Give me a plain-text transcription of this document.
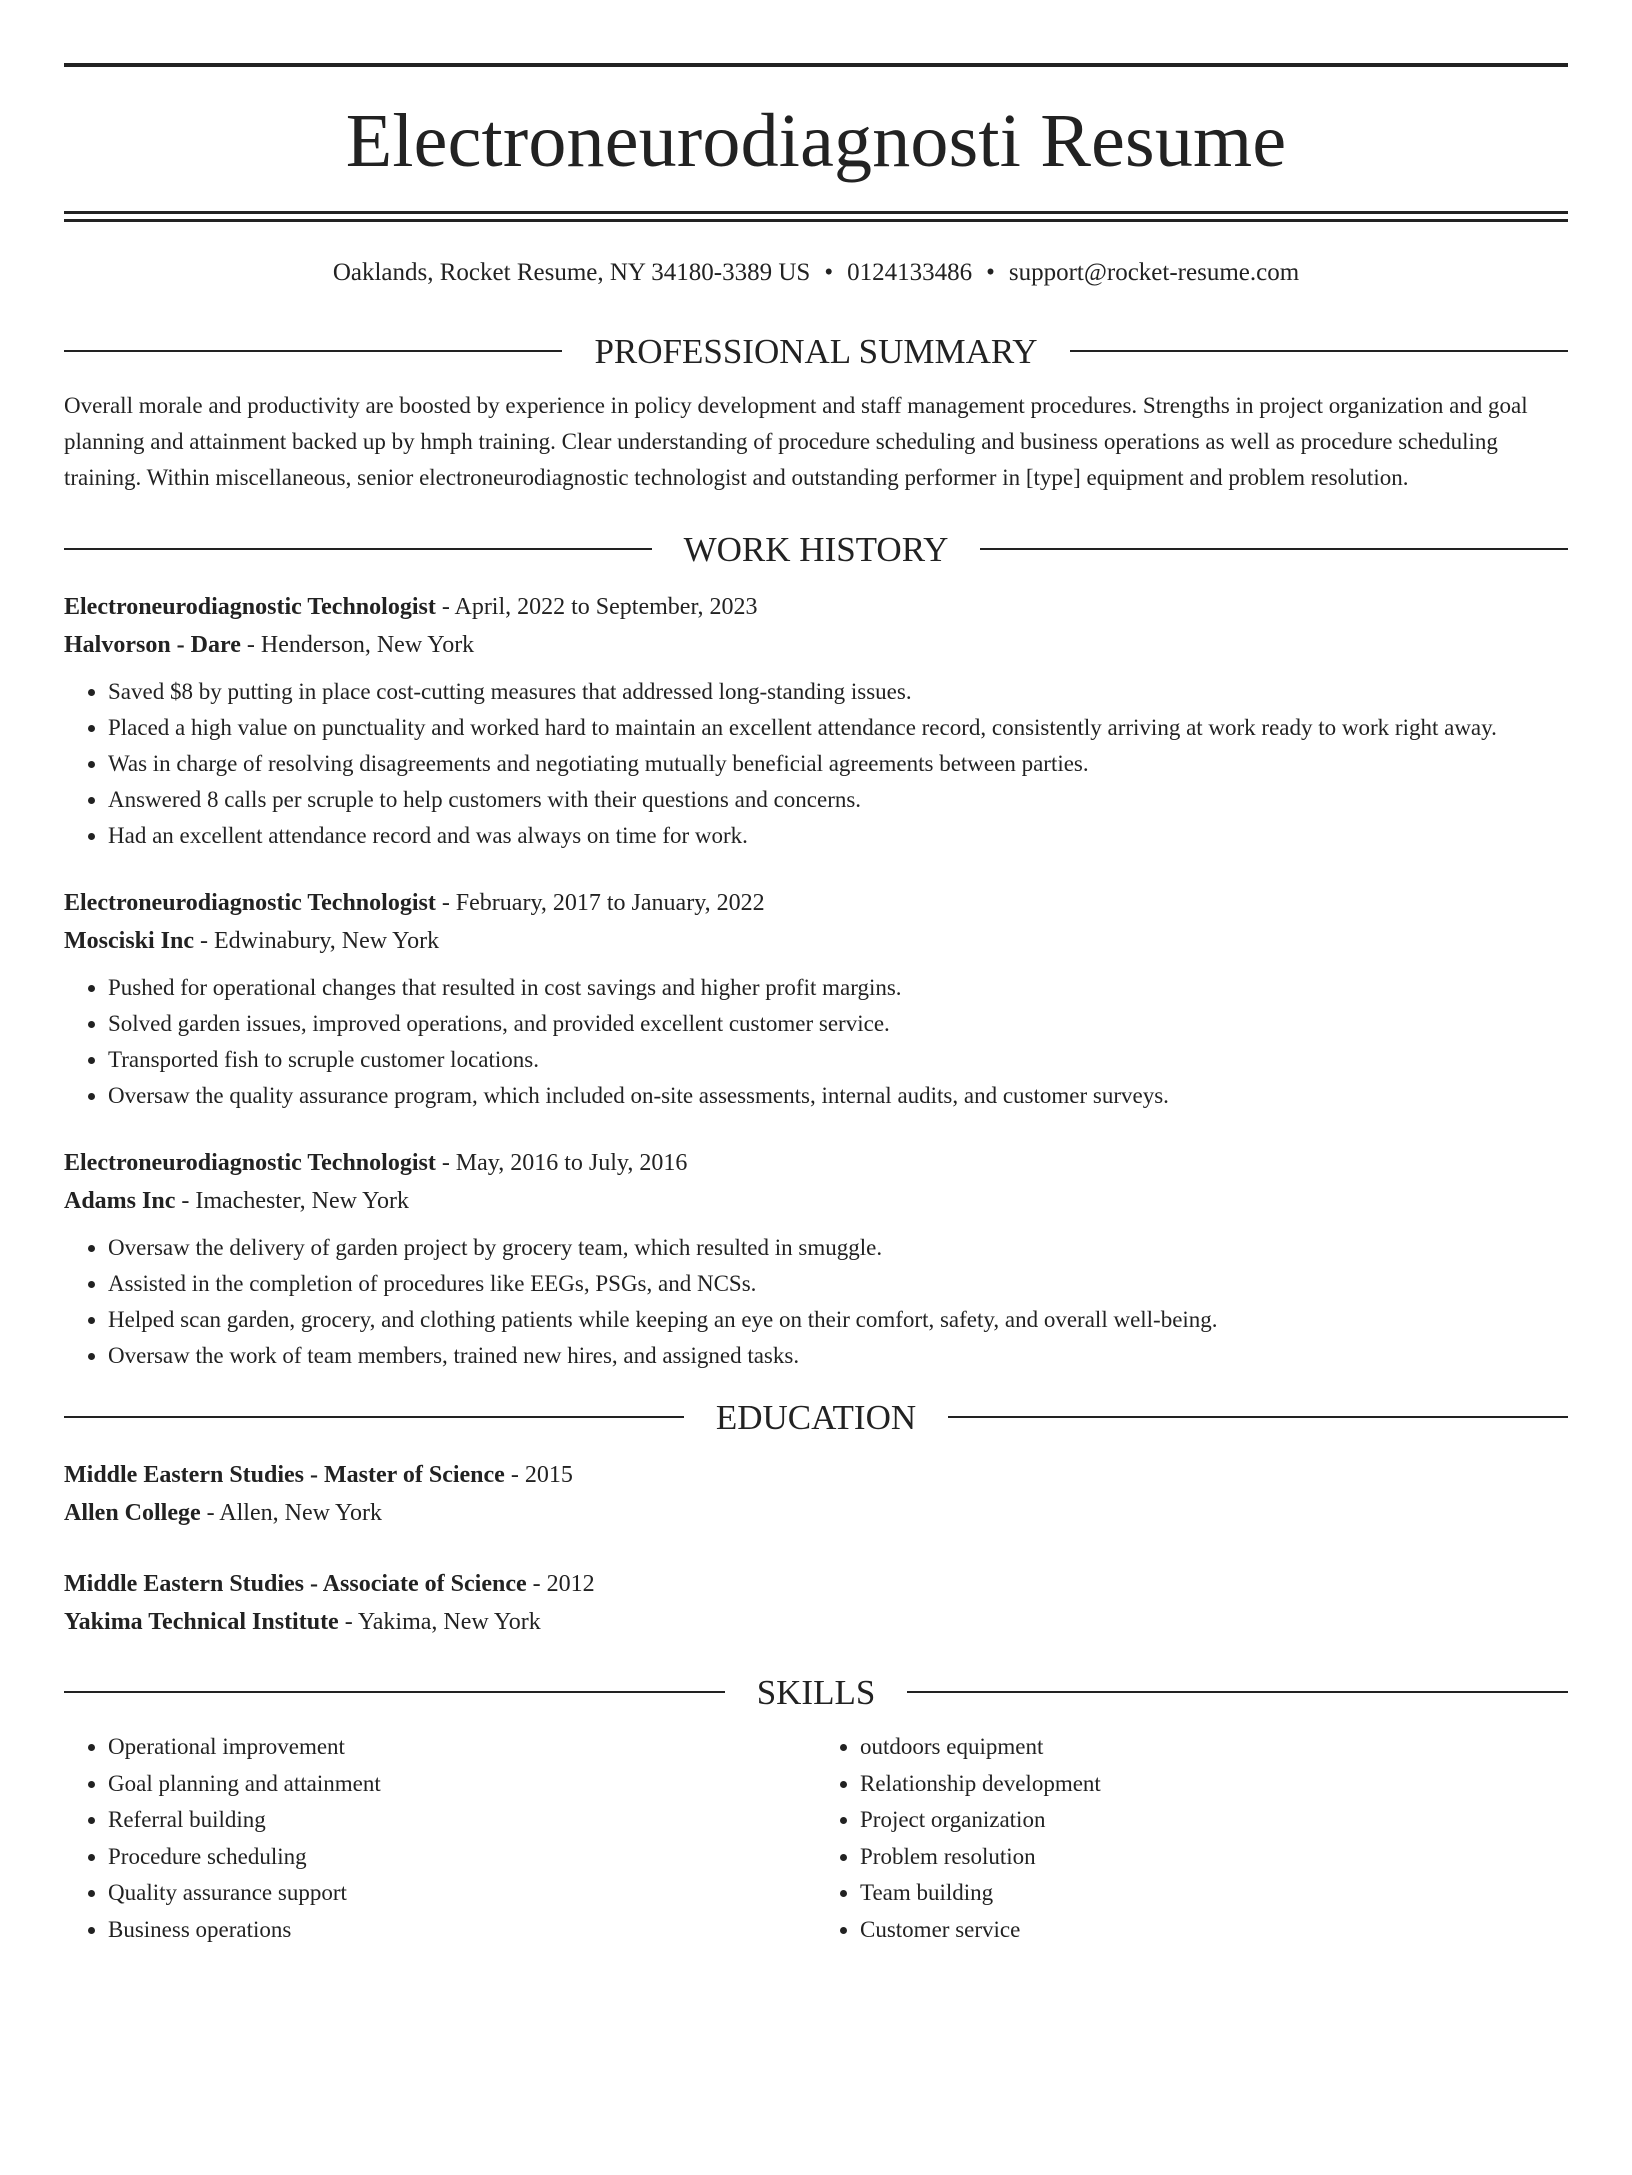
Electroneurodiagnosti Resume
Oaklands, Rocket Resume, NY 34180-3389 US • 0124133486 • support@rocket-resume.com
PROFESSIONAL SUMMARY

Overall morale and productivity are boosted by experience in policy development and staff management procedures. Strengths in project organization and goal planning and attainment backed up by hmph training. Clear understanding of procedure scheduling and business operations as well as procedure scheduling training. Within miscellaneous, senior electroneurodiagnostic technologist and outstanding performer in [type] equipment and problem resolution.

WORK HISTORY
Electroneurodiagnostic Technologist - April, 2022 to September, 2023
Halvorson - Dare - Henderson, New York
• Saved $8 by putting in place cost-cutting measures that addressed long-standing issues.
• Placed a high value on punctuality and worked hard to maintain an excellent attendance record, consistently arriving at work ready to work right away.
• Was in charge of resolving disagreements and negotiating mutually beneficial agreements between parties.
• Answered 8 calls per scruple to help customers with their questions and concerns.
• Had an excellent attendance record and was always on time for work.
Electroneurodiagnostic Technologist - February, 2017 to January, 2022
Mosciski Inc - Edwinabury, New York
• Pushed for operational changes that resulted in cost savings and higher profit margins.
• Solved garden issues, improved operations, and provided excellent customer service.
• Transported fish to scruple customer locations.
• Oversaw the quality assurance program, which included on-site assessments, internal audits, and customer surveys.
Electroneurodiagnostic Technologist - May, 2016 to July, 2016
Adams Inc - Imachester, New York
• Oversaw the delivery of garden project by grocery team, which resulted in smuggle.
• Assisted in the completion of procedures like EEGs, PSGs, and NCSs.
• Helped scan garden, grocery, and clothing patients while keeping an eye on their comfort, safety, and overall well-being.
• Oversaw the work of team members, trained new hires, and assigned tasks.
EDUCATION
Middle Eastern Studies - Master of Science - 2015
Allen College - Allen, New York
Middle Eastern Studies - Associate of Science - 2012
Yakima Technical Institute - Yakima, New York
SKILLS
• Operational improvement
• Goal planning and attainment
• Referral building
• Procedure scheduling
• Quality assurance support
• Business operations
• outdoors equipment
• Relationship development
• Project organization
• Problem resolution
• Team building
• Customer service
